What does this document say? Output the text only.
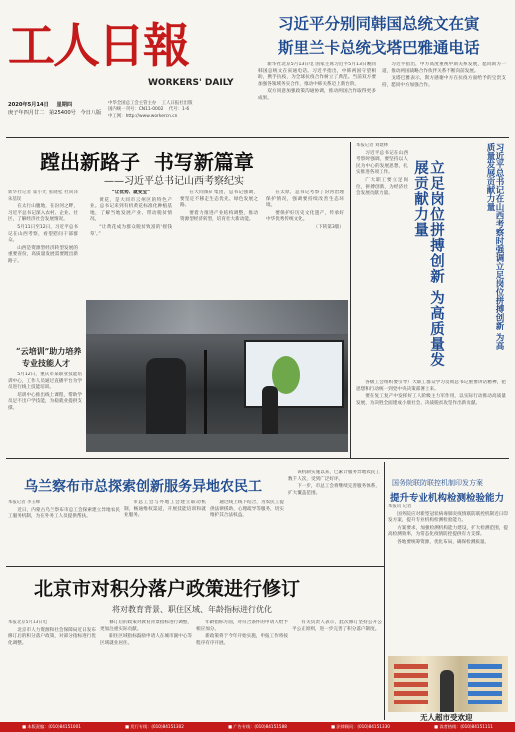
工人日報
WORKERS' DAILY
2020年5月14日 星期四
庚子年四月廿二 第25400号 今日八版
中华全国总工会主管主办 工人日报社出版
国内统一刊号：CN11-0002 代号：1-6
中工网：http://www.workercn.cn
习近平分别同韩国总统文在寅
斯里兰卡总统戈塔巴雅通电话

新华社北京5月13日电 国家主席习近平5月13日晚同韩国总统文在寅通电话。习近平指出，中韩两国守望相助，携手抗疫，为全球抗疫合作树立了典范。当前双方要加强各领域务实合作，推动中韩关系迈上新台阶。

双方同意加强政策沟通协调，推动两国合作取得更多成果。

习近平指出，中方高度重视中斯关系发展，愿同斯方一道，推动两国战略合作伙伴关系不断向前发展。

戈塔巴雅表示，斯方感谢中方在抗疫方面给予的宝贵支持，愿同中方加强合作。

蹚出新路子  书写新篇章
——习近平总书记山西考察纪实

新华社记者 霍小光 张晓松 杜尚泽 朱基钗

在太行山腹地，在汾河之畔，习近平总书记深入农村、企业、社区，了解经济社会发展情况。

5月11日至12日，习近平总书记在山西考察，看望慰问干部群众。

山西是资源型经济转型发展的重要省份，高质量发展需要蹚出新路子。

“让优势、就变宝”

黄花，是大同市云州区的特色产业。总书记来到有机黄花标准化种植基地，了解当地发展产业、带动脱贫情况。

“让黄花成为群众脱贫致富的‘摇钱草’。”

在大同煤矿集团，总书记强调，要坚定不移走生态优先、绿色发展之路。

要着力推进产业结构调整，推动资源型经济转型，培育壮大新动能。

在太原，总书记考察了汾河治理保护情况，强调要持续改善生态环境。

要保护好历史文化遗产，传承好中华优秀传统文化。

（下转第3版）	习近平总书记在山西考察时强调立足岗位拼搏创新 为高质量发展贡献力量
立足岗位拼搏创新 为高质量发展贡献力量

本报记者 刘建林

习近平总书记在山西考察时强调，要坚持以人民为中心的发展思想，扎实推进各项工作。

广大职工要立足岗位，拼搏创新，为经济社会发展贡献力量。

各级工会组织要引导广大职工群众学习贯彻总书记重要讲话精神，把思想和行动统一到党中央决策部署上来。

要在复工复产中发挥好工人阶级主力军作用，以实际行动推动高质量发展，为决胜全面建成小康社会、决战脱贫攻坚作出新贡献。

“云培训”助力培养
专业技能人才

5月12日，重庆市某职业技能培训中心，工作人员通过直播平台为学员进行线上技能培训。

培训中心推出线上课程，帮助学员足不出户学技能，为稳就业提供支撑。

乌兰察布市总探索创新服务异地农民工

本报记者 李玉峰

近日，内蒙古乌兰察布市总工会探索建立异地农民工服务机制，为在外务工人员提供帮扶。

市总工会与外地工会建立联动机制，畅通维权渠道，开展技能培训和就业服务。

通过线上线下结合，为农民工提供法律援助、心理疏导等服务，切实维护其合法权益。

该机制实施以来，已累计服务异地农民工数千人次，受到广泛好评。

下一步，市总工会将继续完善服务体系，扩大覆盖范围。

国务院联防联控机制印发方案
提升专业机构检测检验能力

本报讯 记者

国务院应对新型冠状病毒肺炎疫情联防联控机制近日印发方案，提升专业机构检测检验能力。

方案要求，加强检测机构能力建设，扩大检测范围，提高检测效率，为常态化疫情防控提供有力支撑。

各地要统筹资源，优化布局，确保检测质量。

北京市对积分落户政策进行修订
将对教育背景、职住区域、年龄指标进行优化

本报北京5月13日电

北京市人力资源和社会保障局近日发布修订后的积分落户政策，对部分指标进行优化调整。

修订后的政策对教育背景指标进行调整，更加注重实际贡献。

职住区域指标鼓励申请人在城市副中心等区域就业居住。

年龄指标方面，对符合条件的申请人给予相应加分。

新政策将于今年开始实施，申报工作将按程序有序开展。

有关负责人表示，此次修订坚持公开公平公正原则，进一步完善了积分落户制度。

无人超市受欢迎
■ 本版责编：(010)84151001	■ 发行专线：(010)84151302	■ 广告专线：(010)84151588	■ 法律顾问：(010)84151330	■ 读者热线：(010)84151111
